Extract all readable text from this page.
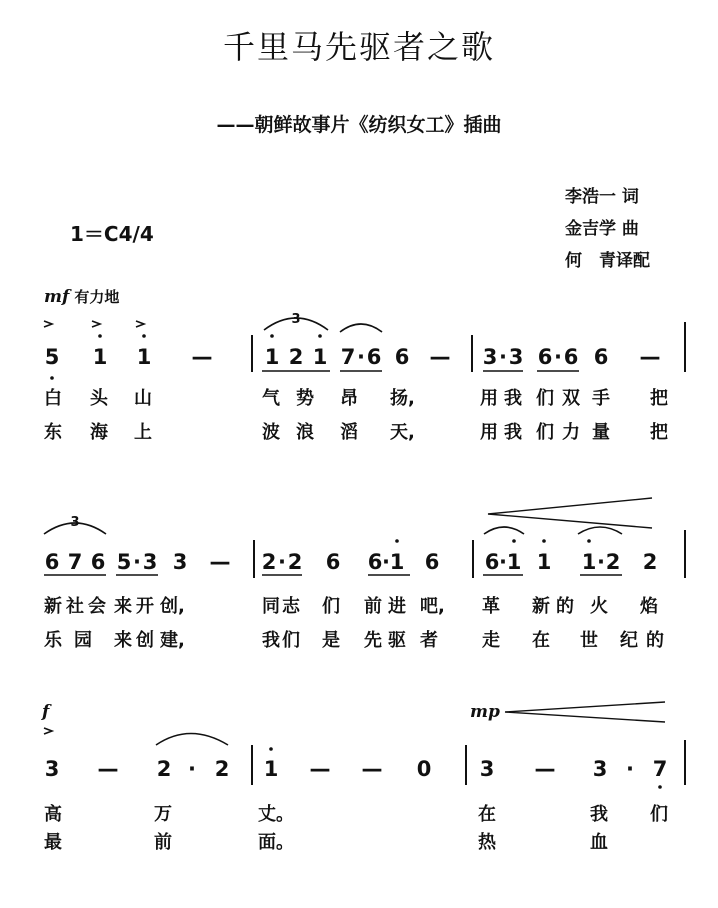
千里马先驱者之歌
——朝鲜故事片《纺织女工》插曲
李浩一 词
金吉学 曲
何　青译配
1＝C4/4
mf 有力地
f	mp
5 1 1 — 1 2 1 7 · 6 6 — 3 · 3 6 · 6 6 —
3
6 7 6 5 · 3 3 — 2 · 2 6 6 · 1 6 6 · 1 1 1 · 2 2
3
3 — 2 · 2 1 — — 0 3 — 3 · 7
白 头 山	气 势 昂 扬,	用 我 们 双 手 把
东 海 上	波 浪 滔 天,	用 我 们 力 量 把
新 社 会 来 开 创,	同 志 们 前 进 吧, 革 新 的 火 焰
乐 园 来 创 建,	我 们 是 先 驱 者 走 在 世 纪 的
高	万	丈。	在	我 们
最	前	面。	热	血
